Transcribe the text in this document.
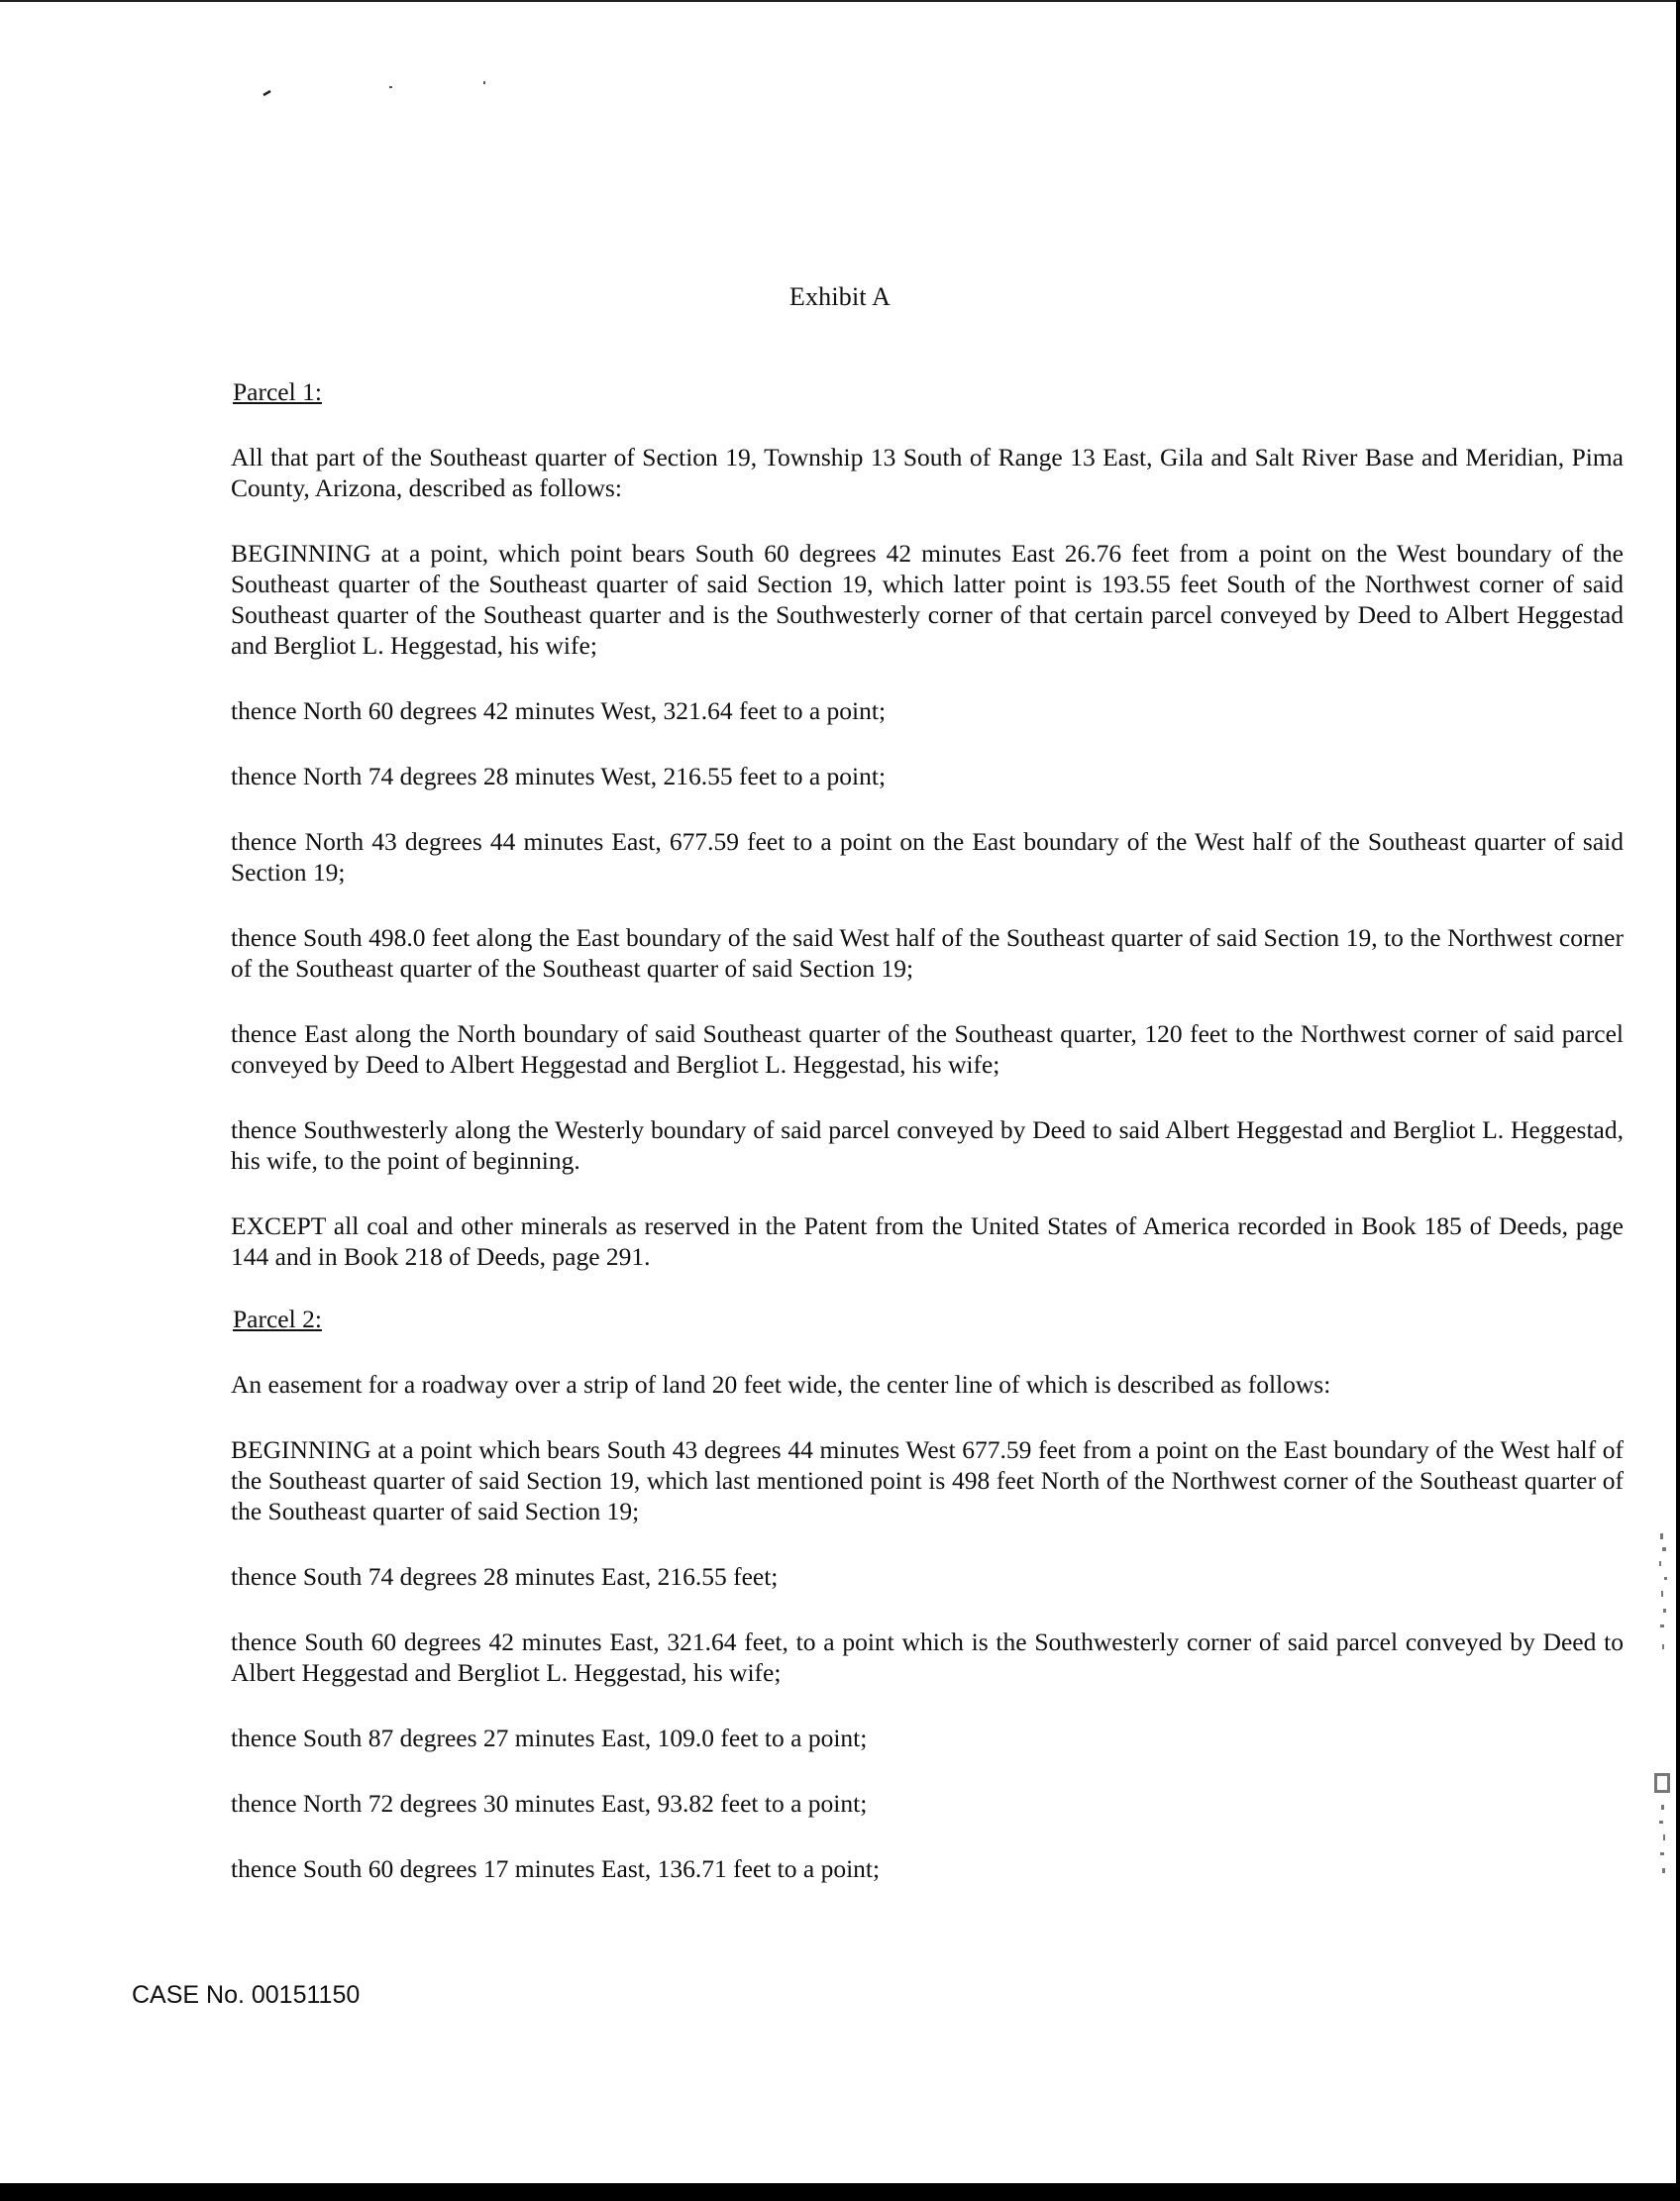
Exhibit A
Parcel 1:

All that part of the Southeast quarter of Section 19, Township 13 South of Range 13 East, Gila and Salt River Base and Meridian, Pima County, Arizona, described as follows:

BEGINNING at a point, which point bears South 60 degrees 42 minutes East 26.76 feet from a point on the West boundary of the Southeast quarter of the Southeast quarter of said Section 19, which latter point is 193.55 feet South of the Northwest corner of said Southeast quarter of the Southeast quarter and is the Southwesterly corner of that certain parcel conveyed by Deed to Albert Heggestad and Bergliot L. Heggestad, his wife;

thence North 60 degrees 42 minutes West, 321.64 feet to a point;

thence North 74 degrees 28 minutes West, 216.55 feet to a point;

thence North 43 degrees 44 minutes East, 677.59 feet to a point on the East boundary of the West half of the Southeast quarter of said Section 19;

thence South 498.0 feet along the East boundary of the said West half of the Southeast quarter of said Section 19, to the Northwest corner of the Southeast quarter of the Southeast quarter of said Section 19;

thence East along the North boundary of said Southeast quarter of the Southeast quarter, 120 feet to the Northwest corner of said parcel conveyed by Deed to Albert Heggestad and Bergliot L. Heggestad, his wife;

thence Southwesterly along the Westerly boundary of said parcel conveyed by Deed to said Albert Heggestad and Bergliot L. Heggestad, his wife, to the point of beginning.

EXCEPT all coal and other minerals as reserved in the Patent from the United States of America recorded in Book 185 of Deeds, page 144 and in Book 218 of Deeds, page 291.

Parcel 2:

An easement for a roadway over a strip of land 20 feet wide, the center line of which is described as follows:

BEGINNING at a point which bears South 43 degrees 44 minutes West 677.59 feet from a point on the East boundary of the West half of the Southeast quarter of said Section 19, which last mentioned point is 498 feet North of the Northwest corner of the Southeast quarter of the Southeast quarter of said Section 19;

thence South 74 degrees 28 minutes East, 216.55 feet;

thence South 60 degrees 42 minutes East, 321.64 feet, to a point which is the Southwesterly corner of said parcel conveyed by Deed to Albert Heggestad and Bergliot L. Heggestad, his wife;

thence South 87 degrees 27 minutes East, 109.0 feet to a point;

thence North 72 degrees 30 minutes East, 93.82 feet to a point;

thence South 60 degrees 17 minutes East, 136.71 feet to a point;

CASE No. 00151150
